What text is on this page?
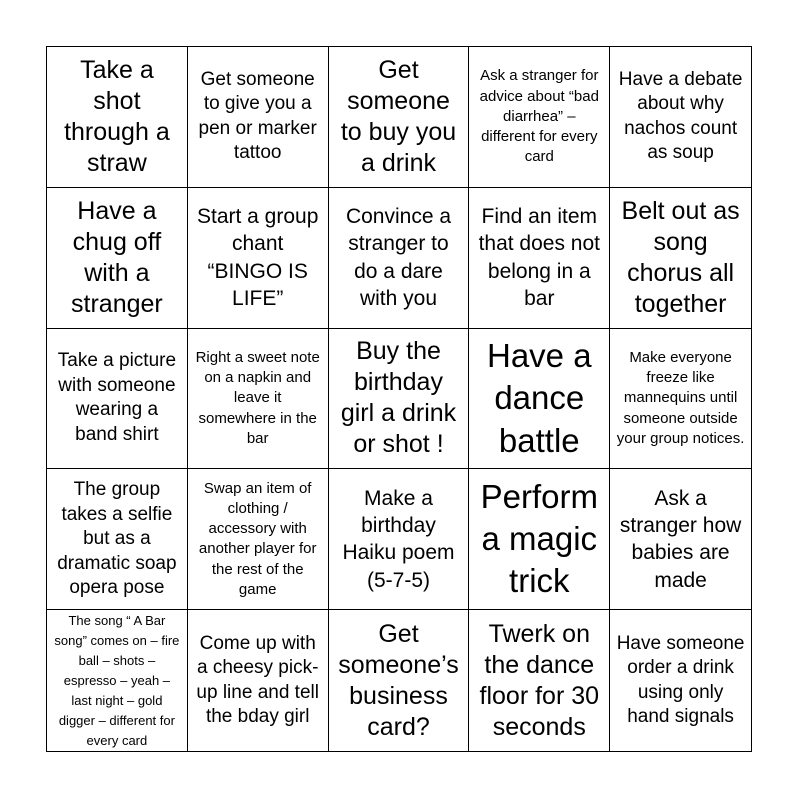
Take a shot through a straw
Get someone to give you a pen or marker tattoo
Get someone to buy you a drink
Ask a stranger for advice about “bad diarrhea” – different for every card
Have a debate about why nachos count as soup
Have a chug off with a stranger
Start a group chant “BINGO IS LIFE”
Convince a stranger to do a dare with you
Find an item that does not belong in a bar
Belt out as song chorus all together
Take a picture with someone wearing a band shirt
Right a sweet note on a napkin and leave it somewhere in the bar
Buy the birthday girl a drink or shot !
Have a dance battle
Make everyone freeze like mannequins until someone outside your group notices.
The group takes a selfie but as a dramatic soap opera pose
Swap an item of clothing / accessory with another player for the rest of the game
Make a birthday Haiku poem (5-7-5)
Perform a magic trick
Ask a stranger how babies are made
The song “ A Bar song” comes on – fire ball – shots – espresso – yeah – last night – gold digger – different for every card
Come up with a cheesy pick-up line and tell the bday girl
Get someone’s business card?
Twerk on the dance floor for 30 seconds
Have someone order a drink using only hand signals
